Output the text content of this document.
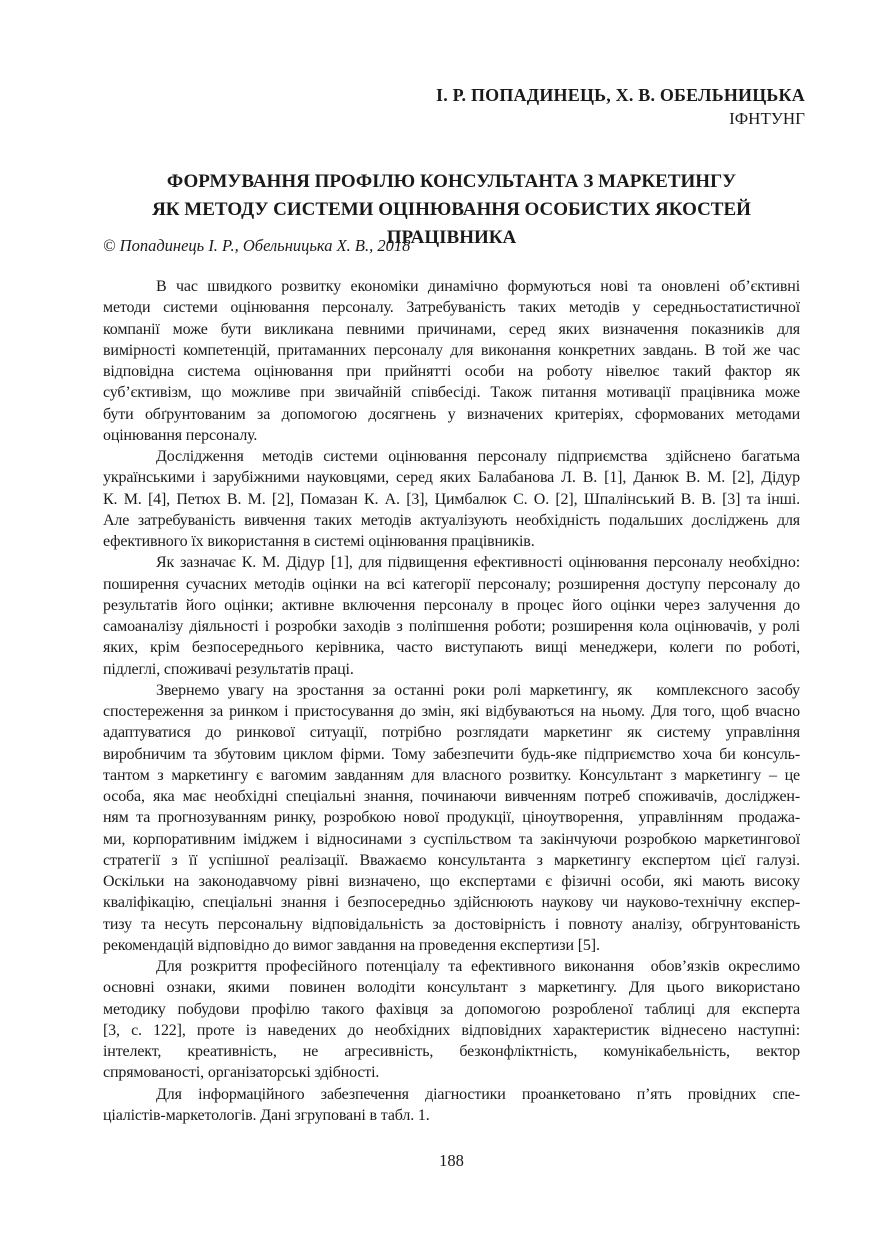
І. Р. ПОПАДИНЕЦЬ, Х. В. ОБЕЛЬНИЦЬКА
ІФНТУНГ
ФОРМУВАННЯ ПРОФІЛЮ КОНСУЛЬТАНТА З МАРКЕТИНГУ
ЯК МЕТОДУ СИСТЕМИ ОЦІНЮВАННЯ ОСОБИСТИХ ЯКОСТЕЙ ПРАЦІВНИКА
© Попадинець І. Р., Обельницька Х. В., 2018
В час швидкого розвитку економіки динамічно формуються нові та оновлені об’єктивні
методи системи оцінювання персоналу. Затребуваність таких методів у середньостатистичної
компанії може бути викликана певними причинами, серед яких визначення показників для
вимірності компетенцій, притаманних персоналу для виконання конкретних завдань. В той же час
відповідна система оцінювання при прийнятті особи на роботу нівелює такий фактор як
суб’єктивізм, що можливе при звичайній співбесіді. Також питання мотивації працівника може
бути обґрунтованим за допомогою досягнень у визначених критеріях, сформованих методами
оцінювання персоналу.
Дослідження  методів системи оцінювання персоналу підприємства  здійснено багатьма
українськими і зарубіжними науковцями, серед яких Балабанова Л. В. [1], Данюк В. М. [2], Дідур
К. М. [4], Петюх В. М. [2], Помазан К. А. [3], Цимбалюк С. О. [2], Шпалінський В. В. [3] та інші.
Але затребуваність вивчення таких методів актуалізують необхідність подальших досліджень для
ефективного їх використання в системі оцінювання працівників.
Як зазначає К. М. Дідур [1], для підвищення ефективності оцінювання персоналу необхідно:
поширення сучасних методів оцінки на всі категорії персоналу; розширення доступу персоналу до
результатів його оцінки; активне включення персоналу в процес його оцінки через залучення до
самоаналізу діяльності і розробки заходів з поліпшення роботи; розширення кола оцінювачів, у ролі
яких, крім безпосереднього керівника, часто виступають вищі менеджери, колеги по роботі,
підлеглі, споживачі результатів праці.
Звернемо увагу на зростання за останні роки ролі маркетингу, як   комплексного засобу
спостереження за ринком і пристосування до змін, які відбуваються на ньому. Для того, щоб вчасно
адаптуватися до ринкової ситуації, потрібно розглядати маркетинг як систему управління
виробничим та збутовим циклом фірми. Тому забезпечити будь-яке підприємство хоча би консуль-
тантом з маркетингу є вагомим завданням для власного розвитку. Консультант з маркетингу – це
особа, яка має необхідні спеціальні знання, починаючи вивченням потреб споживачів, досліджен-
ням та прогнозуванням ринку, розробкою нової продукції, ціноутворення,  управлінням  продажа-
ми, корпоративним іміджем і відносинами з суспільством та закінчуючи розробкою маркетингової
стратегії з її успішної реалізації. Вважаємо консультанта з маркетингу експертом цієї галузі.
Оскільки на законодавчому рівні визначено, що експертами є фізичні особи, які мають високу
кваліфікацію, спеціальні знання і безпосередньо здійснюють наукову чи науково-технічну експер-
тизу та несуть персональну відповідальність за достовірність і повноту аналізу, обгрунтованість
рекомендацій відповідно до вимог завдання на проведення експертизи [5].
Для розкриття професійного потенціалу та ефективного виконання  обов’язків окреслимо
основні ознаки, якими  повинен володіти консультант з маркетингу. Для цього використано
методику побудови профілю такого фахівця за допомогою розробленої таблиці для експерта
[3, с. 122], проте із наведених до необхідних відповідних характеристик віднесено наступні:
інтелект, креативність, не агресивність, безконфліктність, комунікабельність, вектор
спрямованості, організаторські здібності.
Для інформаційного забезпечення діагностики проанкетовано п’ять провідних спе-
ціалістів-маркетологів. Дані згруповані в табл. 1.
188
